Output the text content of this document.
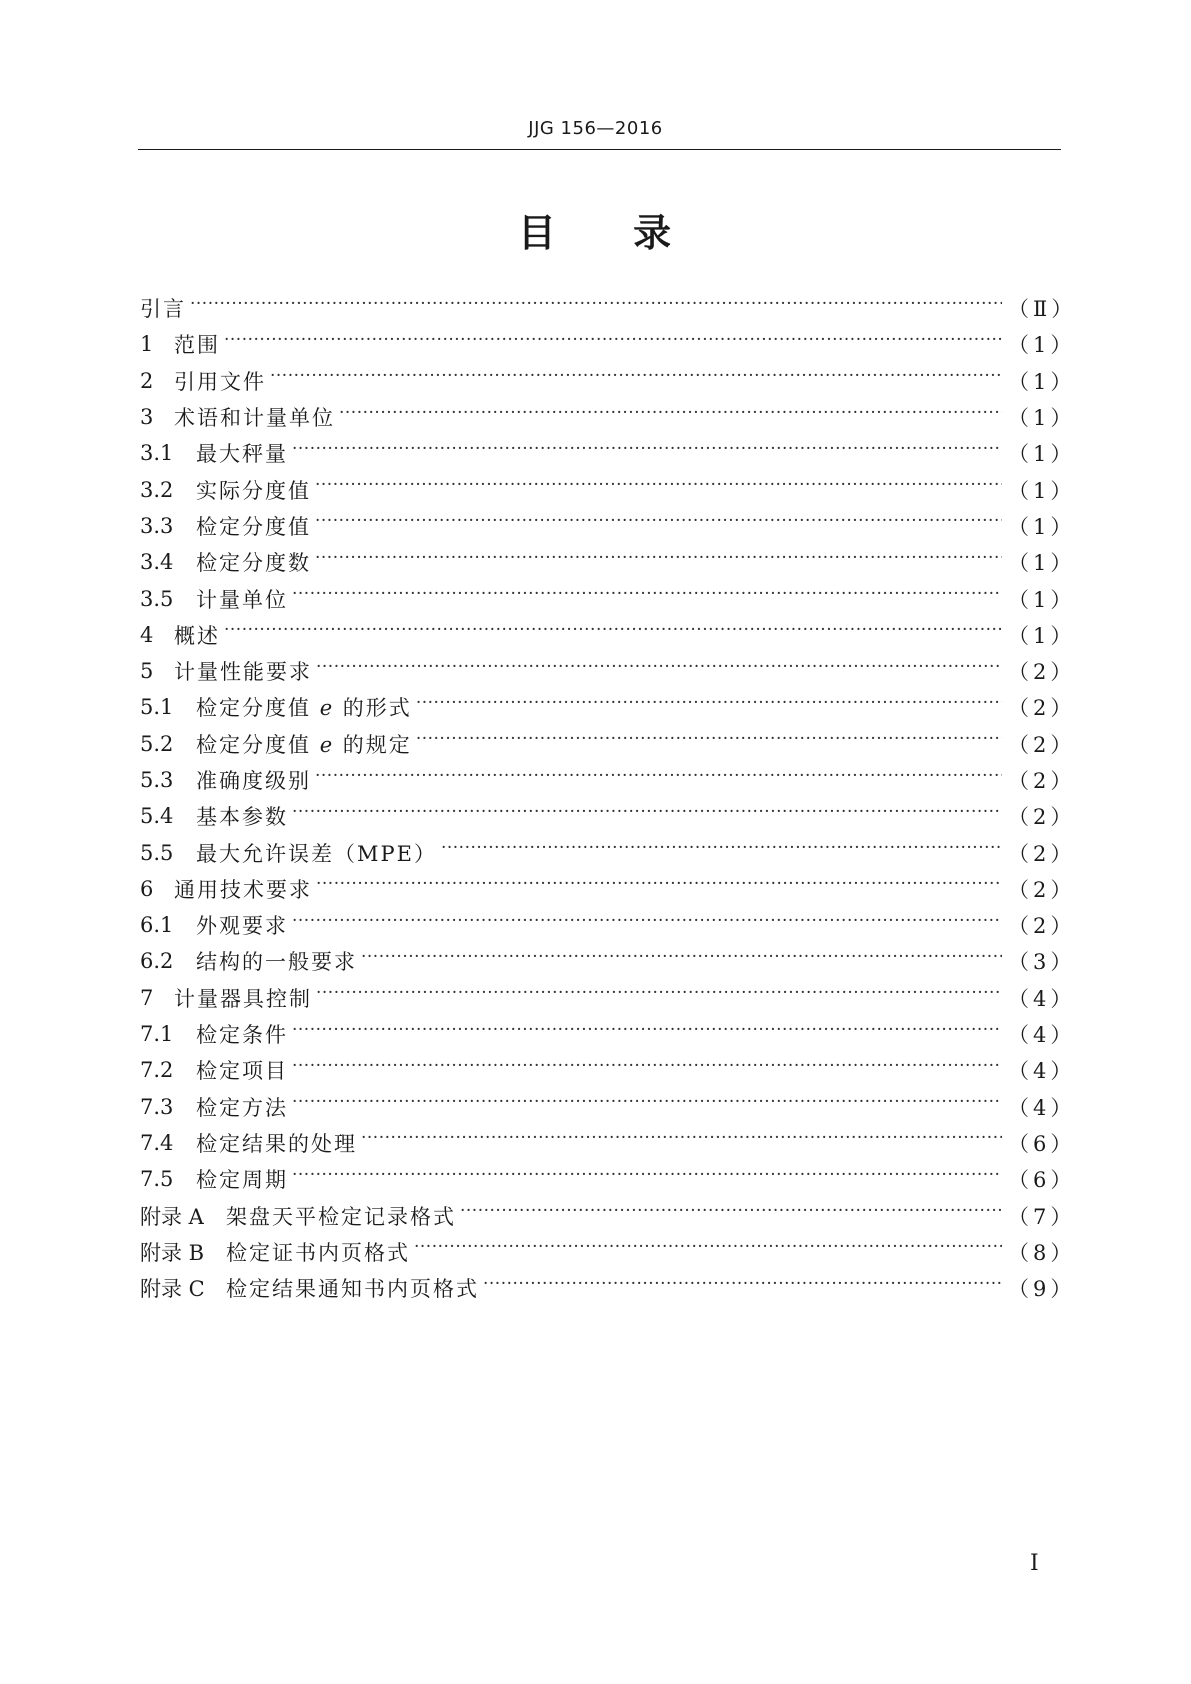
JJG 156—2016
目 录
引言 ·····	（Ⅱ）
1 范围 ·····	（1）
2 引用文件 ·····	（1）
3 术语和计量单位 ·····	（1）
3.1	最大秤量 ·····	（1）
3.2	实际分度值 ·····	（1）
3.3	检定分度值 ·····	（1）
3.4	检定分度数 ·····	（1）
3.5	计量单位 ·····	（1）
4 概述 ·····	（1）
5 计量性能要求 ·····	（2）
5.1	检定分度值 e 的形式 ·····	（2）
5.2	检定分度值 e 的规定 ·····	（2）
5.3	准确度级别 ·····	（2）
5.4	基本参数 ·····	（2）
5.5	最大允许误差（MPE） ·····	（2）
6 通用技术要求 ·····	（2）
6.1	外观要求 ·····	（2）
6.2	结构的一般要求 ·····	（3）
7 计量器具控制 ·····	（4）
7.1	检定条件 ·····	（4）
7.2	检定项目 ·····	（4）
7.3	检定方法 ·····	（4）
7.4	检定结果的处理 ·····	（6）
7.5	检定周期 ·····	（6）
附录 A	架盘天平检定记录格式 ·····	（7）
附录 B	检定证书内页格式 ·····	（8）
附录 C	检定结果通知书内页格式 ·····	（9）
I
